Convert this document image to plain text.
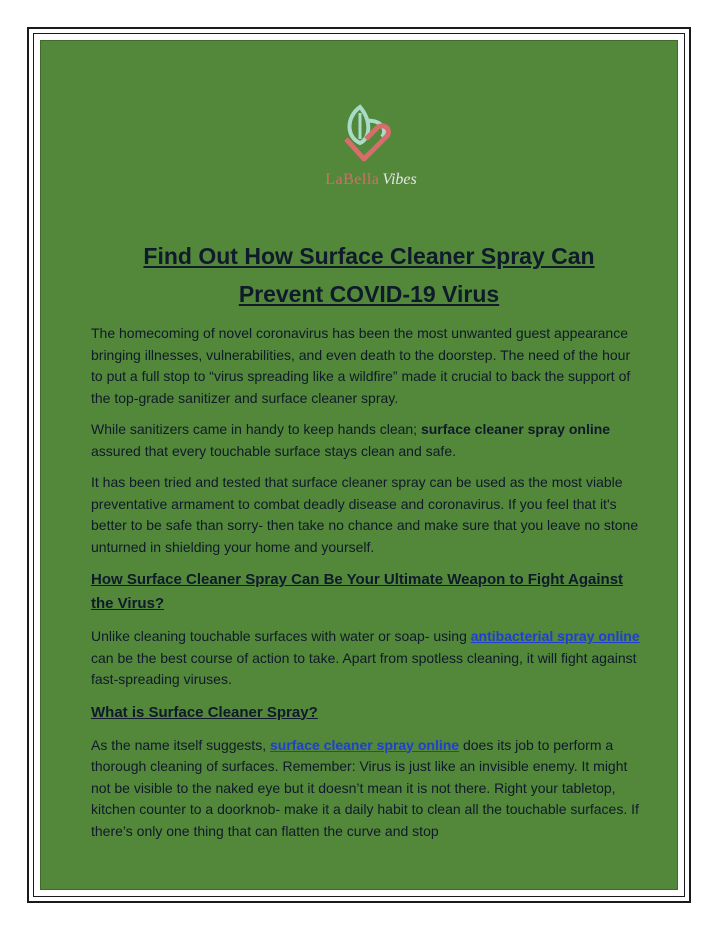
LaBella Vibes
Find Out How Surface Cleaner Spray Can Prevent COVID-19 Virus

The homecoming of novel coronavirus has been the most unwanted guest appearance bringing illnesses, vulnerabilities, and even death to the doorstep. The need of the hour to put a full stop to “virus spreading like a wildfire” made it crucial to back the support of the top-grade sanitizer and surface cleaner spray.

While sanitizers came in handy to keep hands clean; surface cleaner spray online assured that every touchable surface stays clean and safe.

It has been tried and tested that surface cleaner spray can be used as the most viable preventative armament to combat deadly disease and coronavirus. If you feel that it's better to be safe than sorry- then take no chance and make sure that you leave no stone unturned in shielding your home and yourself.

How Surface Cleaner Spray Can Be Your Ultimate Weapon to Fight Against the Virus?

Unlike cleaning touchable surfaces with water or soap- using antibacterial spray online can be the best course of action to take. Apart from spotless cleaning, it will fight against fast-spreading viruses.

What is Surface Cleaner Spray?

As the name itself suggests, surface cleaner spray online does its job to perform a thorough cleaning of surfaces. Remember: Virus is just like an invisible enemy. It might not be visible to the naked eye but it doesn’t mean it is not there. Right your tabletop, kitchen counter to a doorknob- make it a daily habit to clean all the touchable surfaces. If there’s only one thing that can flatten the curve and stop
